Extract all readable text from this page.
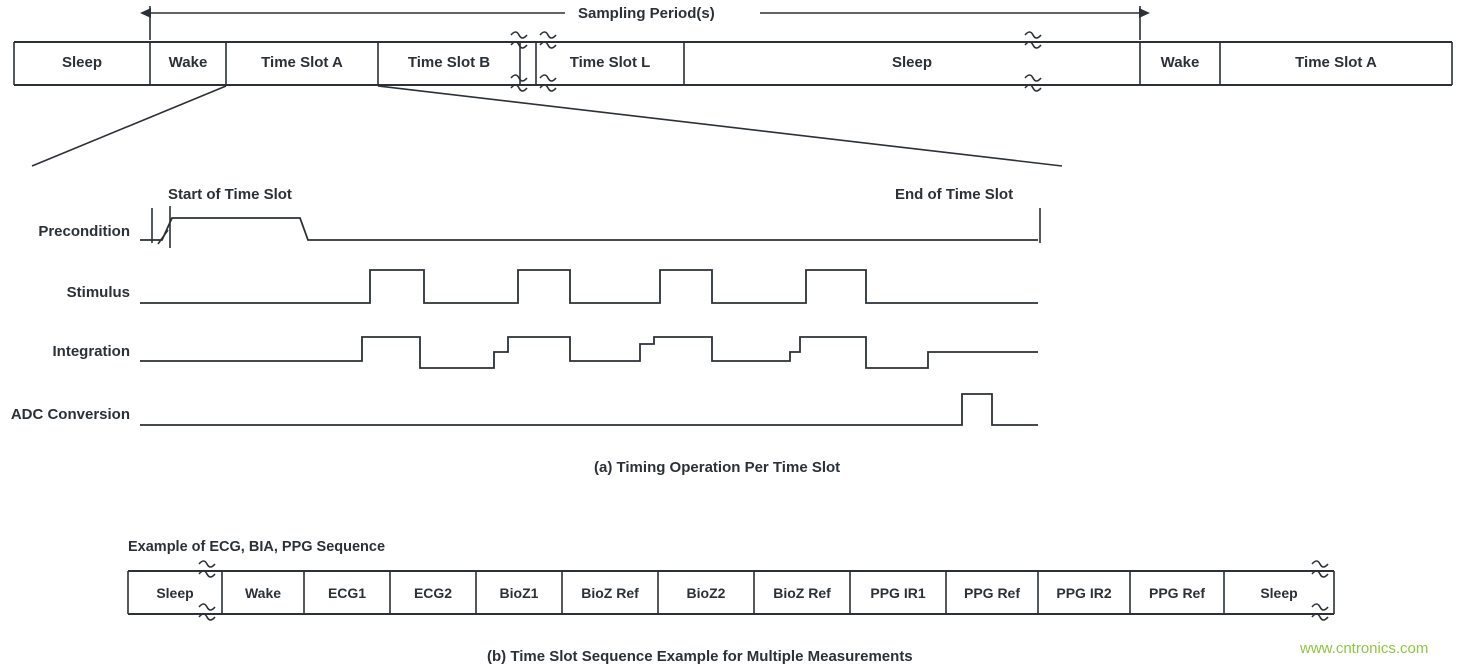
Sampling Period(s)
Sleep	Wake	Time Slot A	Time Slot B	Time Slot L	Sleep	Wake	Time Slot A
Start of Time Slot	End of Time Slot
Precondition
Stimulus
Integration
ADC Conversion
(a) Timing Operation Per Time Slot
Example of ECG, BIA, PPG Sequence
Sleep	Wake	ECG1	ECG2	BioZ1	BioZ Ref	BioZ2	BioZ Ref	PPG IR1	PPG Ref	PPG IR2	PPG Ref	Sleep
(b) Time Slot Sequence Example for Multiple Measurements	www.cntronics.com
